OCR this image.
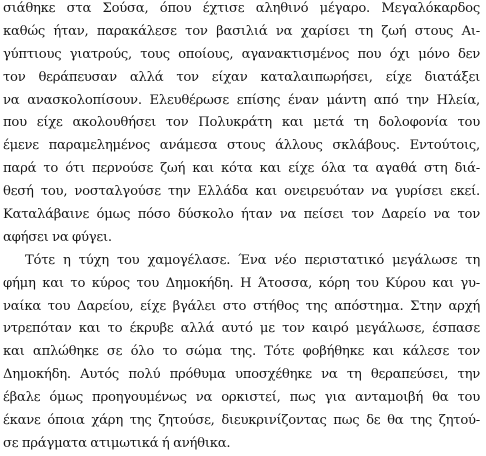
σιάθηκε στα Σούσα, όπου έχτισε αληθινό μέγαρο. Μεγαλόκαρδος
καθώς ήταν, παρακάλεσε τον βασιλιά να χαρίσει τη ζωή στους Αι-
γύπτιους γιατρούς, τους οποίους, αγανακτισμένος που όχι μόνο δεν
τον θεράπευσαν αλλά τον είχαν καταλαιπωρήσει, είχε διατάξει
να ανασκολοπίσουν. Ελευθέρωσε επίσης έναν μάντη από την Ηλεία,
που είχε ακολουθήσει τον Πολυκράτη και μετά τη δολοφονία του
έμενε παραμελημένος ανάμεσα στους άλλους σκλάβους. Εντούτοις,
παρά το ότι περνούσε ζωή και κότα και είχε όλα τα αγαθά στη διά-
θεσή του, νοσταλγούσε την Ελλάδα και ονειρευόταν να γυρίσει εκεί.
Καταλάβαινε όμως πόσο δύσκολο ήταν να πείσει τον Δαρείο να τον
αφήσει να φύγει.
Τότε η τύχη του χαμογέλασε. Ένα νέο περιστατικό μεγάλωσε τη
φήμη και το κύρος του Δημοκήδη. Η Άτοσσα, κόρη του Κύρου και γυ-
ναίκα του Δαρείου, είχε βγάλει στο στήθος της απόστημα. Στην αρχή
ντρεπόταν και το έκρυβε αλλά αυτό με τον καιρό μεγάλωσε, έσπασε
και απλώθηκε σε όλο το σώμα της. Τότε φοβήθηκε και κάλεσε τον
Δημοκήδη. Αυτός πολύ πρόθυμα υποσχέθηκε να τη θεραπεύσει, την
έβαλε όμως προηγουμένως να ορκιστεί, πως για ανταμοιβή θα του
έκανε όποια χάρη της ζητούσε, διευκρινίζοντας πως δε θα της ζητού-
σε πράγματα ατιμωτικά ή ανήθικα.
